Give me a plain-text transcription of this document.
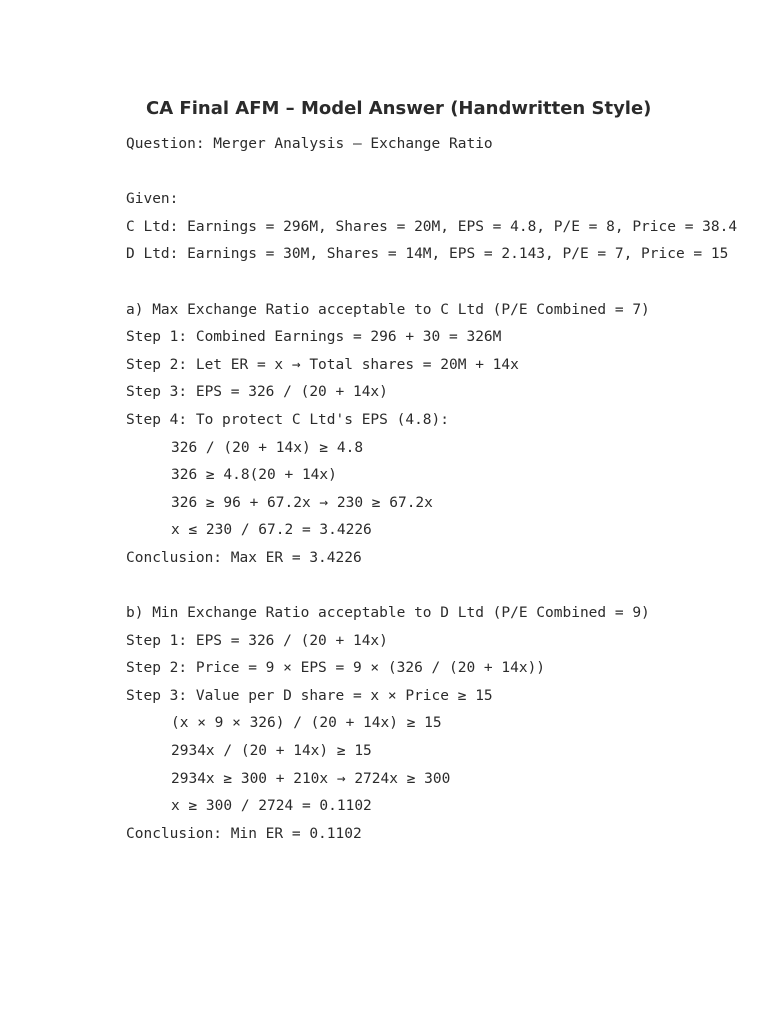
CA Final AFM – Model Answer (Handwritten Style)
Question: Merger Analysis — Exchange Ratio
Given:
C Ltd: Earnings = 296M, Shares = 20M, EPS = 4.8, P/E = 8, Price = 38.4
D Ltd: Earnings = 30M, Shares = 14M, EPS = 2.143, P/E = 7, Price = 15
a) Max Exchange Ratio acceptable to C Ltd (P/E Combined = 7)
Step 1: Combined Earnings = 296 + 30 = 326M
Step 2: Let ER = x → Total shares = 20M + 14x
Step 3: EPS = 326 / (20 + 14x)
Step 4: To protect C Ltd's EPS (4.8):
326 / (20 + 14x) ≥ 4.8
326 ≥ 4.8(20 + 14x)
326 ≥ 96 + 67.2x → 230 ≥ 67.2x
x ≤ 230 / 67.2 = 3.4226
Conclusion: Max ER = 3.4226
b) Min Exchange Ratio acceptable to D Ltd (P/E Combined = 9)
Step 1: EPS = 326 / (20 + 14x)
Step 2: Price = 9 × EPS = 9 × (326 / (20 + 14x))
Step 3: Value per D share = x × Price ≥ 15
(x × 9 × 326) / (20 + 14x) ≥ 15
2934x / (20 + 14x) ≥ 15
2934x ≥ 300 + 210x → 2724x ≥ 300
x ≥ 300 / 2724 = 0.1102
Conclusion: Min ER = 0.1102
